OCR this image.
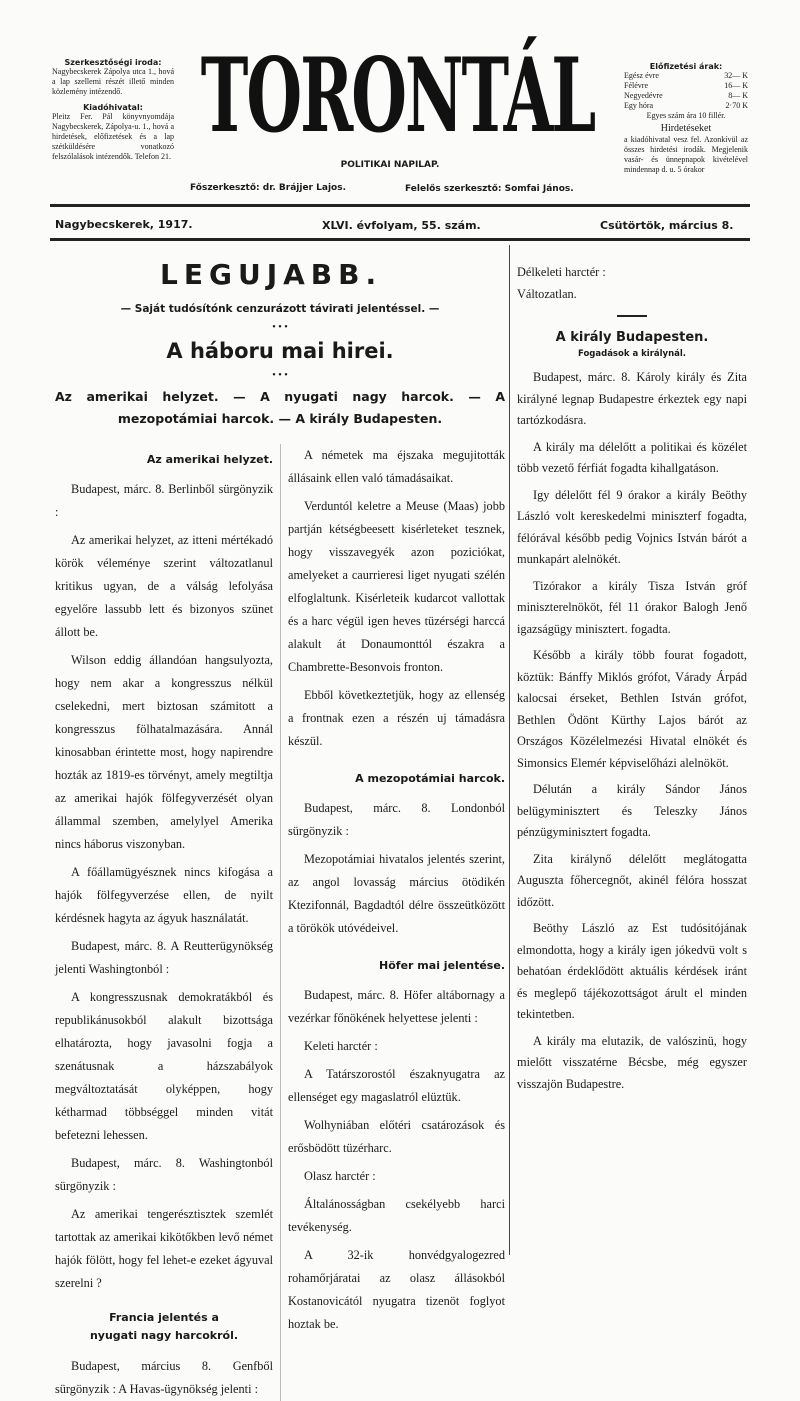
Szerkesztőségi iroda:
Nagybecskerek Zápolya utca 1., hová a lap szellemi részét illető minden közlemény intézendő.
Kiadóhivatal:
Pleitz Fer. Pál könyvnyomdája Nagybecskerek, Zápolya-u. 1., hová a hirdetések, előfizetések és a lap szétküldésére vonatkozó felszólalások intézendők. Telefon 21.
TORONTÁL
POLITIKAI NAPILAP.
Főszerkesztő: dr. Brájjer Lajos.	Felelős szerkesztő: Somfai János.
Előfizetési árak:
Egész évre	32— K
Félévre	16— K
Negyedévre	8— K
Egy hóra	2·70 K
Egyes szám ára 10 fillér.
Hirdetéseket
a kiadóhivatal vesz fel. Azonkívül az összes hirdetési irodák. Megjelenik vasár- és ünnepnapok kivételével mindennap d. u. 5 órakor
Nagybecskerek, 1917.	XLVI. évfolyam, 55. szám.	Csütörtök, március 8.
LEGUJABB.
— Saját tudósítónk cenzurázott távirati jelentéssel. —
• • •
A háboru mai hirei.
• • •
Az amerikai helyzet. — A nyugati nagy harcok. — A mezopotámiai harcok. — A király Budapesten.
Az amerikai helyzet.

Budapest, márc. 8. Berlinből sürgönyzik :

Az amerikai helyzet, az itteni mértékadó körök véleménye szerint változatlanul kritikus ugyan, de a válság lefolyása egyelőre lassubb lett és bizonyos szünet állott be.

Wilson eddig állandóan hangsulyozta, hogy nem akar a kongresszus nélkül cselekedni, mert biztosan számitott a kongresszus fölhatalmazására. Annál kinosabban érintette most, hogy napirendre hozták az 1819-es törvényt, amely megtiltja az amerikai hajók fölfegyverzését olyan állammal szemben, amelylyel Amerika nincs háborus viszonyban.

A főállamügyésznek nincs kifogása a hajók fölfegyverzése ellen, de nyilt kérdésnek hagyta az ágyuk használatát.

Budapest, márc. 8. A Reutterügynökség jelenti Washingtonból :

A kongresszusnak demokratákból és republikánusokból alakult bizottsága elhatározta, hogy javasolni fogja a szenátusnak a házszabályok megváltoztatását olyképpen, hogy kétharmad többséggel minden vitát befetezni lehessen.

Budapest, márc. 8. Washingtonból sürgönyzik :

Az amerikai tengerésztisztek szemlét tartottak az amerikai kikötőkben levő német hajók fölött, hogy fel lehet-e ezeket ágyuval szerelni ?

Francia jelentés a nyugati nagy harcokról.

Budapest, március 8. Genfből sürgönyzik : A Havas-ügynökség jelenti :

A németek ma éjszaka megujitották állásaink ellen való támadásaikat.

Verduntól keletre a Meuse (Maas) jobb partján kétségbeesett kisérleteket tesznek, hogy visszavegyék azon poziciókat, amelyeket a caurrieresi liget nyugati szélén elfoglaltunk. Kisérleteik kudarcot vallottak és a harc végül igen heves tüzérségi harccá alakult át Donaumonttól északra a Chambrette-Besonvois fronton.

Ebből következtetjük, hogy az ellenség a frontnak ezen a részén uj támadásra készül.

A mezopotámiai harcok.

Budapest, márc. 8. Londonból sürgönyzik :

Mezopotámiai hivatalos jelentés szerint, az angol lovasság március ötödikén Ktezifonnál, Bagdadtól délre összeütközött a törökök utóvédeivel.

Höfer mai jelentése.

Budapest, márc. 8. Höfer altábornagy a vezérkar főnökének helyettese jelenti :

Keleti harctér :

A Tatárszorostól északnyugatra az ellenséget egy magaslatról elüztük.

Wolhyniában előtéri csatározások és erősbödött tüzérharc.

Olasz harctér :

Általánosságban csekélyebb harci tevékenység.

A 32-ik honvédgyalogezred rohamőrjáratai az olasz állásokból Kostanovicától nyugatra tizenöt foglyot hoztak be.

Délkeleti harctér :
Változatlan.
A király Budapesten.
Fogadások a királynál.

Budapest, márc. 8. Károly király és Zita királyné legnap Budapestre érkeztek egy napi tartózkodásra.

A király ma délelőtt a politikai és közélet több vezető férfiát fogadta kihallgatáson.

Igy délelőtt fél 9 órakor a király Beöthy László volt kereskedelmi miniszterf fogadta, félórával később pedig Vojnics István bárót a munkapárt alelnökét.

Tizórakor a király Tisza István gróf miniszterelnököt, fél 11 órakor Balogh Jenő igazságügy minisztert. fogadta.

Később a király több fourat fogadott, köztük: Bánffy Miklós grófot, Várady Árpád kalocsai érseket, Bethlen István grófot, Bethlen Ödönt Kürthy Lajos bárót az Országos Közélelmezési Hivatal elnökét és Simonsics Elemér képviselőházi alelnököt.

Délután a király Sándor János belügyminisztert és Teleszky János pénzügyminisztert fogadta.

Zita királynő délelőtt meglátogatta Auguszta főhercegnőt, akinél félóra hosszat időzött.

Beöthy László az Est tudósitójának elmondotta, hogy a király igen jókedvü volt s behatóan érdeklődött aktuális kérdések iránt és meglepő tájékozottságot árult el minden tekintetben.

A király ma elutazik, de valószinü, hogy mielőtt visszatérne Bécsbe, még egyszer visszajön Budapestre.
